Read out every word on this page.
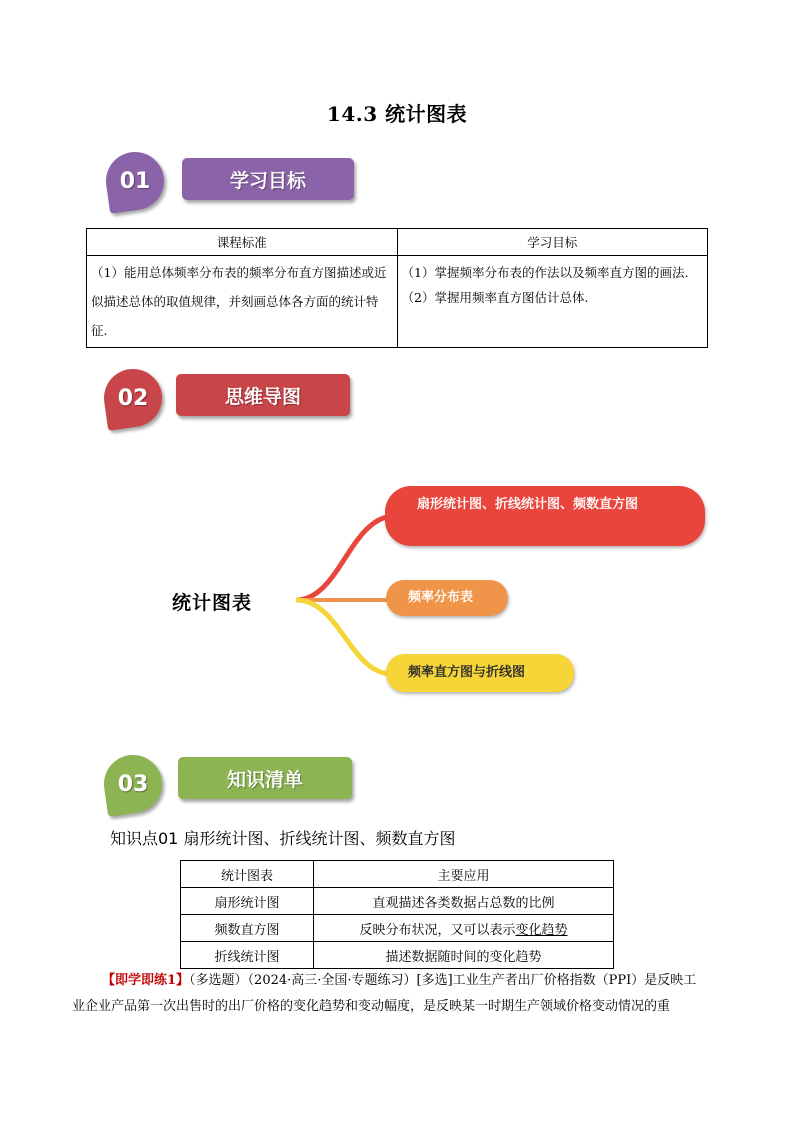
14.3 统计图表
01	学习目标
课程标准	学习目标
（1）能用总体频率分布表的频率分布直方图描述或近似描述总体的取值规律，并刻画总体各方面的统计特征.	（1）掌握频率分布表的作法以及频率直方图的画法.
（2）掌握用频率直方图估计总体.
02	思维导图
统计图表
扇形统计图、折线统计图、频数直方图
频率分布表
频率直方图与折线图
03	知识清单
知识点01 扇形统计图、折线统计图、频数直方图
统计图表	主要应用
扇形统计图	直观描述各类数据占总数的比例
频数直方图	反映分布状况，又可以表示变化趋势
折线统计图	描述数据随时间的变化趋势
【即学即练1】（多选题）（2024·高三·全国·专题练习）[多选]工业生产者出厂价格指数（PPI）是反映工
业企业产品第一次出售时的出厂价格的变化趋势和变动幅度，是反映某一时期生产领域价格变动情况的重
